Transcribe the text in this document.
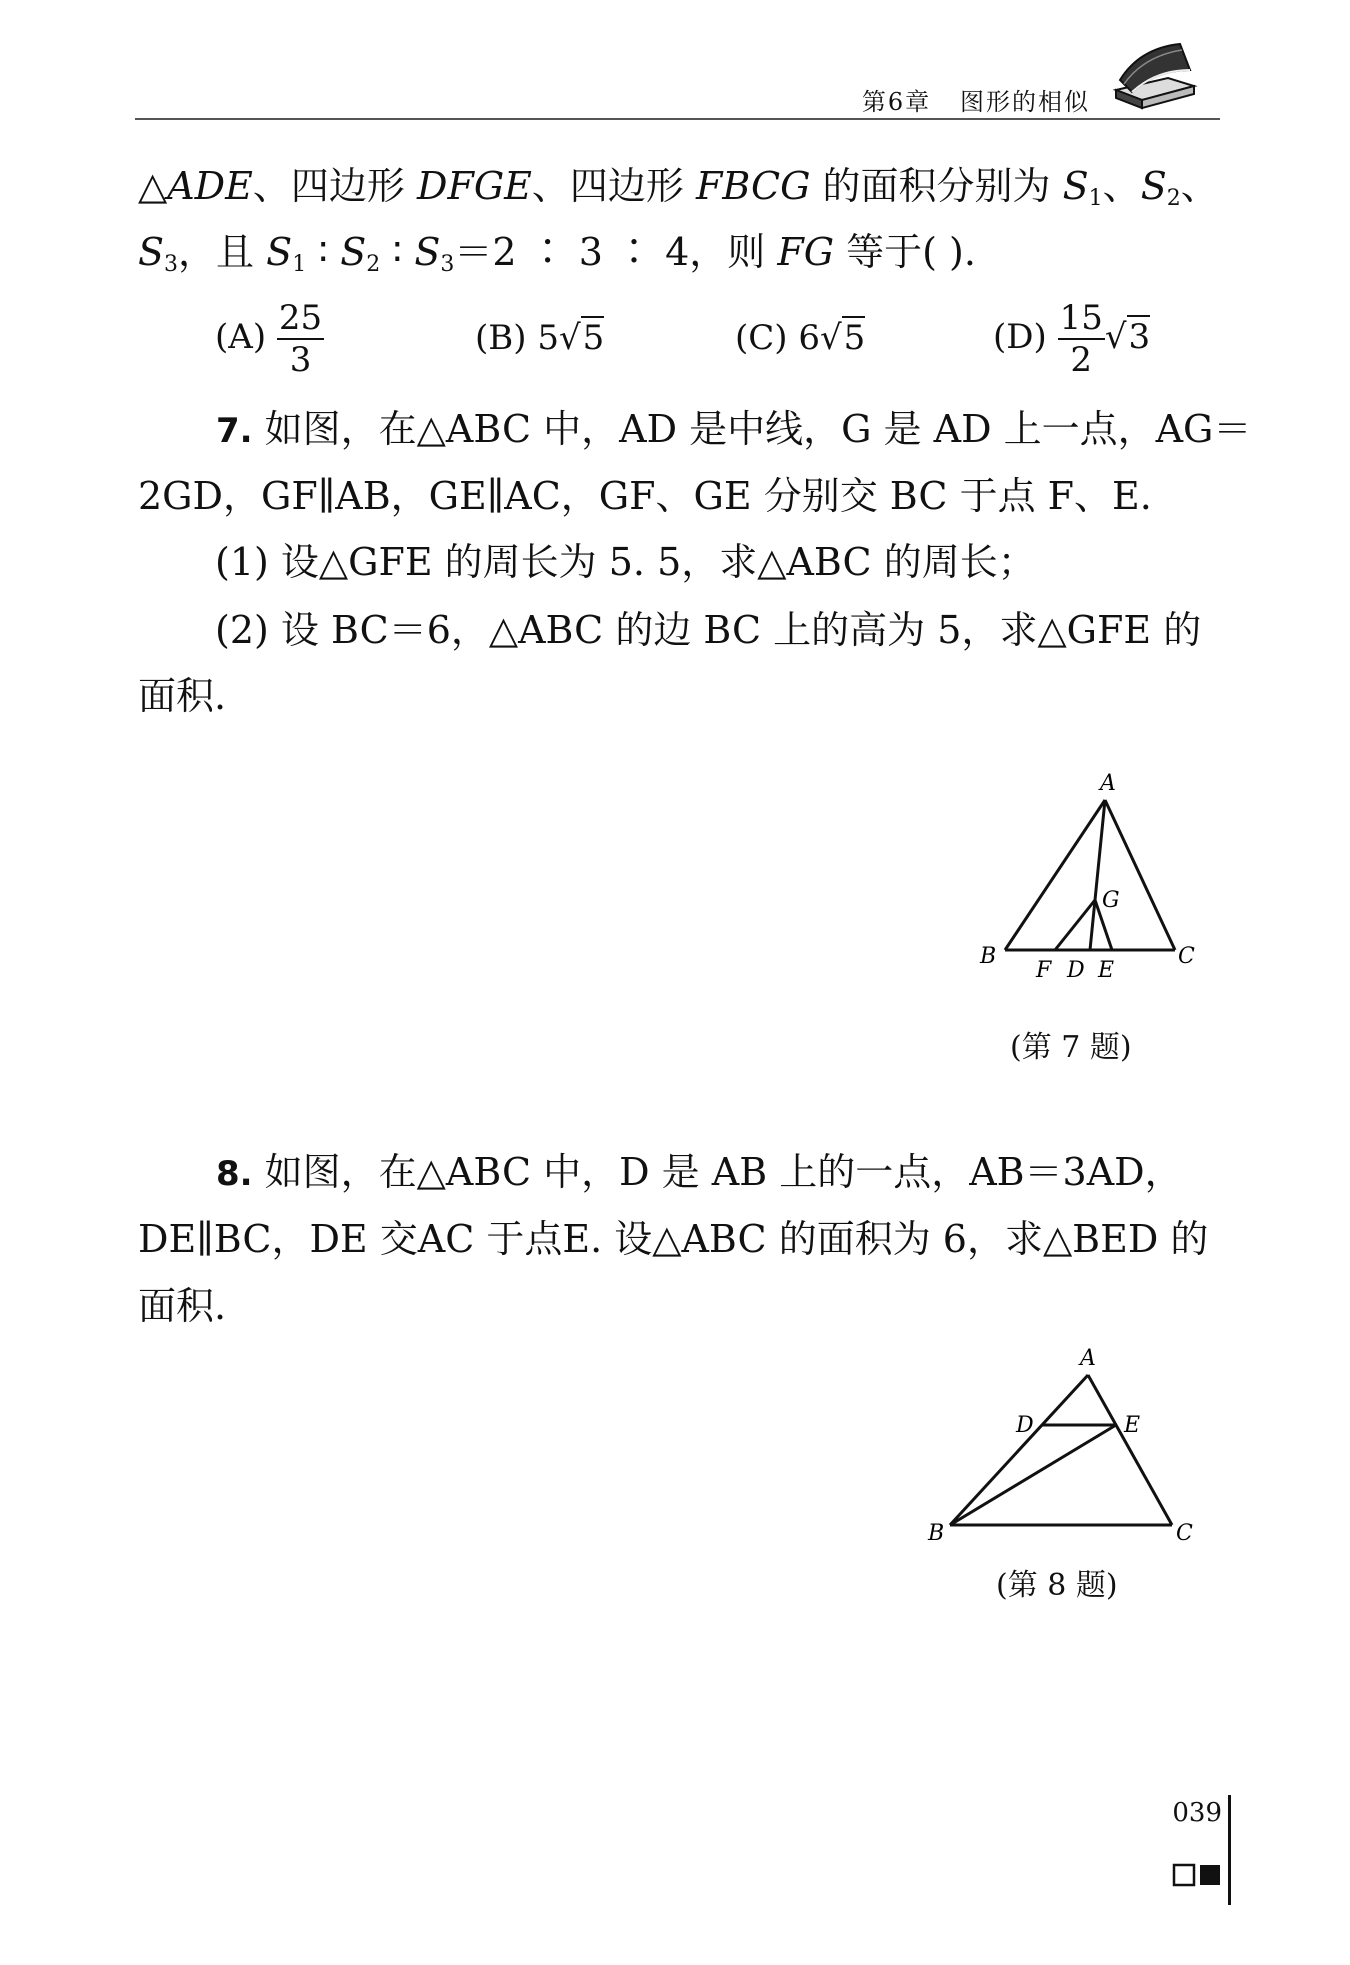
第6章 图形的相似
△ADE、四边形 DFGE、四边形 FBCG 的面积分别为 $S_1$、$S_2$、
$S_3$，且 $S_1$ ∶ $S_2$ ∶ $S_3=2$ ∶ 3 ∶ 4，则 FG 等于( ).
$(A) \frac{25}{3}$	(B) 5√5	(C) 6√5	$(D) \frac{15}{2} √3$
7. 如图，在△ABC 中，AD 是中线，G 是 AD 上一点，AG＝
2GD，GF∥AB，GE∥AC，GF、GE 分别交 BC 于点 F、E.
(1) 设△GFE 的周长为 5. 5，求△ABC 的周长；
(2) 设 BC＝6，△ABC 的边 BC 上的高为 5，求△GFE 的
面积.
A
B	C
G
F D E
(第 7 题)
8. 如图，在△ABC 中，D 是 AB 上的一点，AB＝3AD，
DE∥BC，DE 交AC 于点E. 设△ABC 的面积为 6，求△BED 的
面积.
A
D	E
B	C
(第 8 题)
039
